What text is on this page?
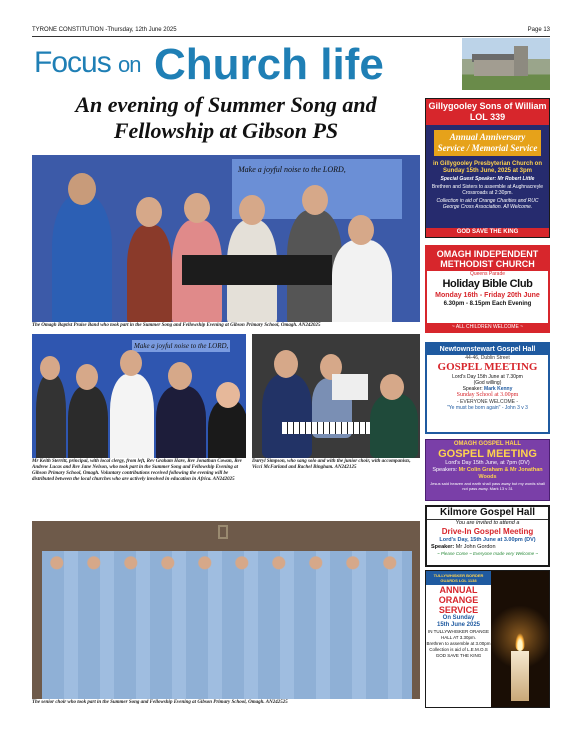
TYRONE CONSTITUTION -Thursday, 12th June 2025	Page 13
Focus on Church life
An evening of Summer Song and Fellowship at Gibson PS
Make a joyful noise to the LORD,
The Omagh Baptist Praise Band who took part in the Summer Song and Fellowship Evening at Gibson Primary School, Omagh. AN242025
Make a joyful noise to the LORD,
Mr Keith Sterritt, principal, with local clergy, from left, Rev Graham Hare, Rev Jonathan Cowan, Rev Andrew Lucas and Rev Jane Nelson, who took part in the Summer Song and Fellowship Evening at Gibson Primary School, Omagh. Voluntary contributions received following the evening will be distributed between the local churches who are actively involved in education in Africa. AN242025
Darryl Simpson, who sang solo and with the junior choir, with accompanists, Vicci McFarland and Rachel Bingham. AN242125
The senior choir who took part in the Summer Song and Fellowship Evening at Gibson Primary School, Omagh. AN242525
Gillygooley Sons of William LOL 339
Annual Anniversary Service / Memorial Service
in Gillygooley Presbyterian Church on Sunday 15th June, 2025 at 3pm
Special Guest Speaker: Mr Robert Little
Brethren and Sisters to assemble at Aughnacreyle Crossroads at 2:30pm.
Collection in aid of Orange Charities and RUC George Cross Association. All Welcome.
GOD SAVE THE KING
OMAGH INDEPENDENT METHODIST CHURCH
Queens Parade
Holiday Bible Club
Monday 16th - Friday 20th June
6.30pm - 8.15pm Each Evening
~ ALL CHILDREN WELCOME ~
Newtownstewart Gospel Hall
44-46, Dublin Street
GOSPEL MEETING
Lord's Day 15th June at 7.30pm
(God willing)
Speaker: Mark Kenny
Sunday School at 3.00pm
- EVERYONE WELCOME -
"Ye must be born again" - John 3 v 3
OMAGH GOSPEL HALL
GOSPEL MEETING
Lord's Day 15th June, at 7pm (DV)
Speakers: Mr Colin Graham & Mr Jonathan Woods
Jesus said heaven and earth shall pass away but my words shall not pass away. Mark 13 v 31
Kilmore Gospel Hall
You are invited to attend a
Drive-In Gospel Meeting
Lord's Day, 15th June at 3.00pm (DV)
Speaker: Mr John Gordon
~ Please Come ~ Everyone made very Welcome ~
TULLYWHISKER BORDER GUARDS LOL 1138
ANNUAL ORANGE SERVICE
On Sunday
15th June 2025
IN TULLYWHISKER ORANGE HALL AT 3.30pm.
Brethren to assemble at 3.00pm
Collection is aid of L.E.M.O.S
GOD SAVE THE KING
